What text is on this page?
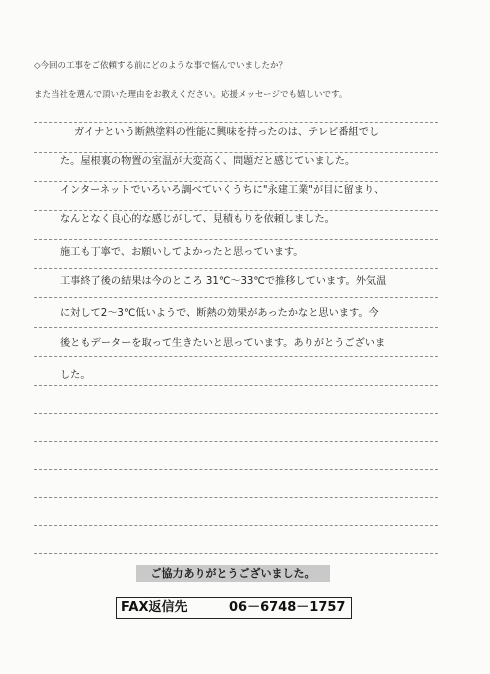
◇今回の工事をご依頼する前にどのような事で悩んでいましたか？
また当社を選んで頂いた理由をお教えください。応援メッセージでも嬉しいです。
ガイナという断熱塗料の性能に興味を持ったのは、テレビ番組でし
た。屋根裏の物置の室温が大変高く、問題だと感じていました。
インターネットでいろいろ調べていくうちに"永建工業"が目に留まり、
なんとなく良心的な感じがして、見積もりを依頼しました。
施工も丁寧で、お願いしてよかったと思っています。
工事終了後の結果は今のところ 31℃～33℃で推移しています。外気温
に対して2～3℃低いようで、断熱の効果があったかなと思います。今
後ともデーターを取って生きたいと思っています。ありがとうございま
した。
ご協力ありがとうございました。
FAX返信先	06－6748－1757
